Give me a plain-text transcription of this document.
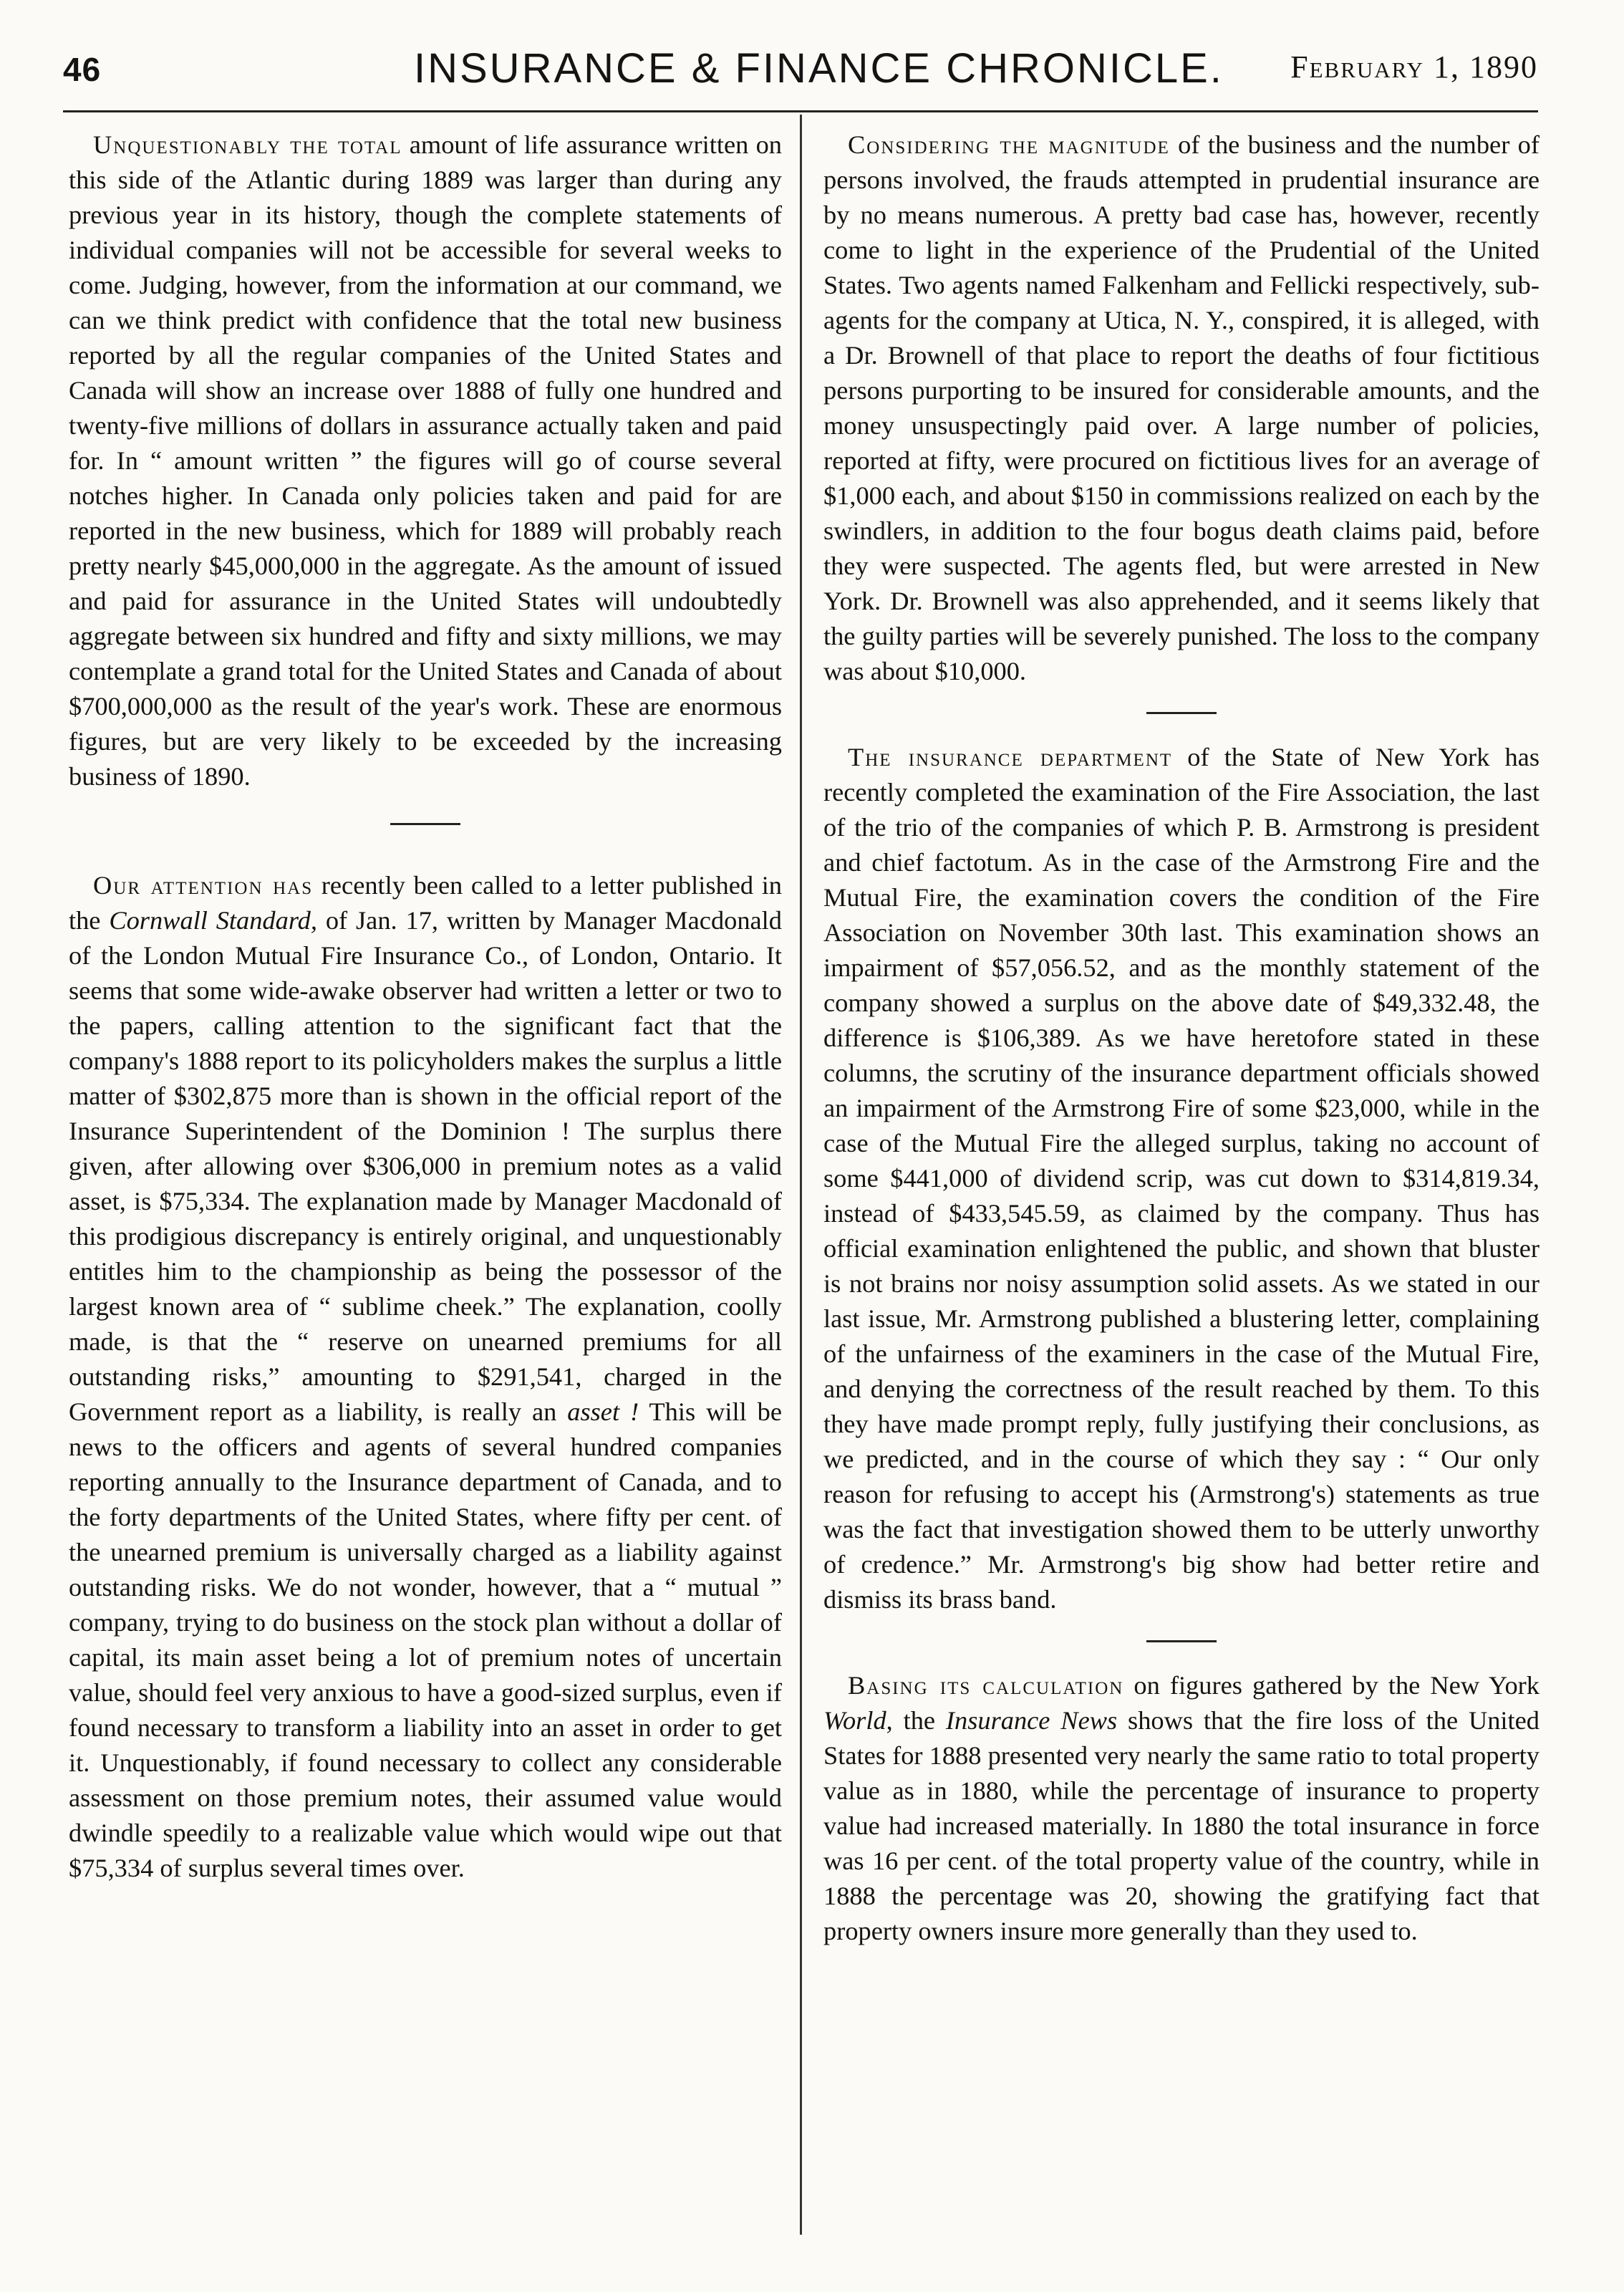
46	INSURANCE & FINANCE CHRONICLE. February 1, 1890

Unquestionably the total amount of life assurance written on this side of the Atlantic during 1889 was larger than during any previous year in its history, though the complete statements of individual companies will not be accessible for several weeks to come. Judging, however, from the information at our command, we can we think predict with confidence that the total new business reported by all the regular companies of the United States and Canada will show an increase over 1888 of fully one hundred and twenty-five millions of dollars in assurance actually taken and paid for. In “ amount written ” the figures will go of course several notches higher. In Canada only policies taken and paid for are reported in the new business, which for 1889 will probably reach pretty nearly $45,000,000 in the aggregate. As the amount of issued and paid for assurance in the United States will undoubtedly aggregate between six hundred and fifty and sixty millions, we may contemplate a grand total for the United States and Canada of about $700,000,000 as the result of the year's work. These are enormous figures, but are very likely to be exceeded by the increasing business of 1890.

Our attention has recently been called to a letter published in the Cornwall Standard, of Jan. 17, written by Manager Macdonald of the London Mutual Fire Insurance Co., of London, Ontario. It seems that some wide-awake observer had written a letter or two to the papers, calling attention to the significant fact that the company's 1888 report to its policyholders makes the surplus a little matter of $302,875 more than is shown in the official report of the Insurance Superintendent of the Dominion ! The surplus there given, after allowing over $306,000 in premium notes as a valid asset, is $75,334. The explanation made by Manager Macdonald of this prodigious discrepancy is entirely original, and unquestionably entitles him to the championship as being the possessor of the largest known area of “ sublime cheek.” The explanation, coolly made, is that the “ reserve on unearned premiums for all outstanding risks,” amounting to $291,541, charged in the Government report as a liability, is really an asset ! This will be news to the officers and agents of several hundred companies reporting annually to the Insurance department of Canada, and to the forty departments of the United States, where fifty per cent. of the unearned premium is universally charged as a liability against outstanding risks. We do not wonder, however, that a “ mutual ” company, trying to do business on the stock plan without a dollar of capital, its main asset being a lot of premium notes of uncertain value, should feel very anxious to have a good-sized surplus, even if found necessary to transform a liability into an asset in order to get it. Unquestionably, if found necessary to collect any considerable assessment on those premium notes, their assumed value would dwindle speedily to a realizable value which would wipe out that $75,334 of surplus several times over.

Considering the magnitude of the business and the number of persons involved, the frauds attempted in prudential insurance are by no means numerous. A pretty bad case has, however, recently come to light in the experience of the Prudential of the United States. Two agents named Falkenham and Fellicki respectively, sub-agents for the company at Utica, N. Y., conspired, it is alleged, with a Dr. Brownell of that place to report the deaths of four fictitious persons purporting to be insured for considerable amounts, and the money unsuspectingly paid over. A large number of policies, reported at fifty, were procured on fictitious lives for an average of $1,000 each, and about $150 in commissions realized on each by the swindlers, in addition to the four bogus death claims paid, before they were suspected. The agents fled, but were arrested in New York. Dr. Brownell was also apprehended, and it seems likely that the guilty parties will be severely punished. The loss to the company was about $10,000.

The insurance department of the State of New York has recently completed the examination of the Fire Association, the last of the trio of the companies of which P. B. Armstrong is president and chief factotum. As in the case of the Armstrong Fire and the Mutual Fire, the examination covers the condition of the Fire Association on November 30th last. This examination shows an impairment of $57,056.52, and as the monthly statement of the company showed a surplus on the above date of $49,332.48, the difference is $106,389. As we have heretofore stated in these columns, the scrutiny of the insurance department officials showed an impairment of the Armstrong Fire of some $23,000, while in the case of the Mutual Fire the alleged surplus, taking no account of some $441,000 of dividend scrip, was cut down to $314,819.34, instead of $433,545.59, as claimed by the company. Thus has official examination enlightened the public, and shown that bluster is not brains nor noisy assumption solid assets. As we stated in our last issue, Mr. Armstrong published a blustering letter, complaining of the unfairness of the examiners in the case of the Mutual Fire, and denying the correctness of the result reached by them. To this they have made prompt reply, fully justifying their conclusions, as we predicted, and in the course of which they say : “ Our only reason for refusing to accept his (Armstrong's) statements as true was the fact that investigation showed them to be utterly unworthy of credence.” Mr. Armstrong's big show had better retire and dismiss its brass band.

Basing its calculation on figures gathered by the New York World, the Insurance News shows that the fire loss of the United States for 1888 presented very nearly the same ratio to total property value as in 1880, while the percentage of insurance to property value had increased materially. In 1880 the total insurance in force was 16 per cent. of the total property value of the country, while in 1888 the percentage was 20, showing the gratifying fact that property owners insure more generally than they used to.
